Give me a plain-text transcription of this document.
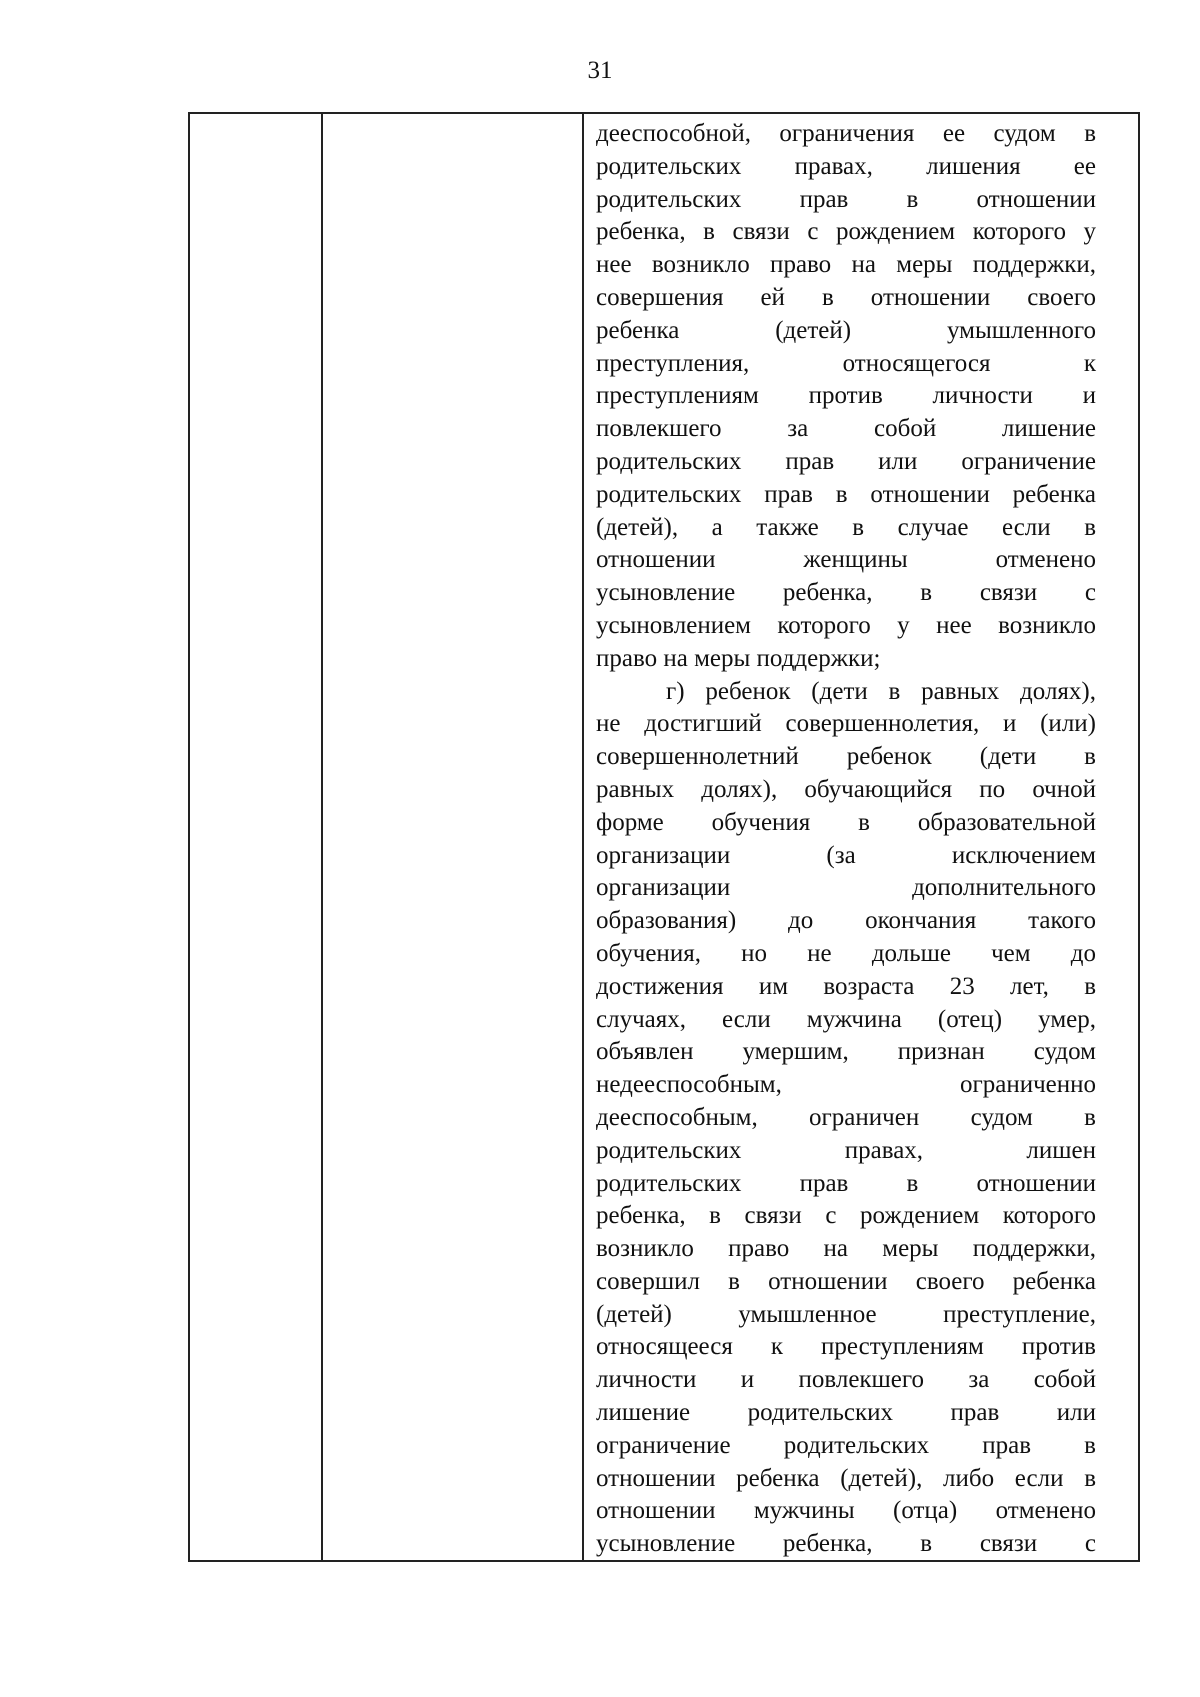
31
дееспособной, ограничения ее судом в
родительских правах, лишения ее
родительских прав в отношении
ребенка, в связи с рождением которого у
нее возникло право на меры поддержки,
совершения ей в отношении своего
ребенка (детей) умышленного
преступления, относящегося к
преступлениям против личности и
повлекшего за собой лишение
родительских прав или ограничение
родительских прав в отношении ребенка
(детей), а также в случае если в
отношении женщины отменено
усыновление ребенка, в связи с
усыновлением которого у нее возникло
право на меры поддержки;
г) ребенок (дети в равных долях),
не достигший совершеннолетия, и (или)
совершеннолетний ребенок (дети в
равных долях), обучающийся по очной
форме обучения в образовательной
организации (за исключением
организации дополнительного
образования) до окончания такого
обучения, но не дольше чем до
достижения им возраста 23 лет, в
случаях, если мужчина (отец) умер,
объявлен умершим, признан судом
недееспособным, ограниченно
дееспособным, ограничен судом в
родительских правах, лишен
родительских прав в отношении
ребенка, в связи с рождением которого
возникло право на меры поддержки,
совершил в отношении своего ребенка
(детей) умышленное преступление,
относящееся к преступлениям против
личности и повлекшего за собой
лишение родительских прав или
ограничение родительских прав в
отношении ребенка (детей), либо если в
отношении мужчины (отца) отменено
усыновление ребенка, в связи с
